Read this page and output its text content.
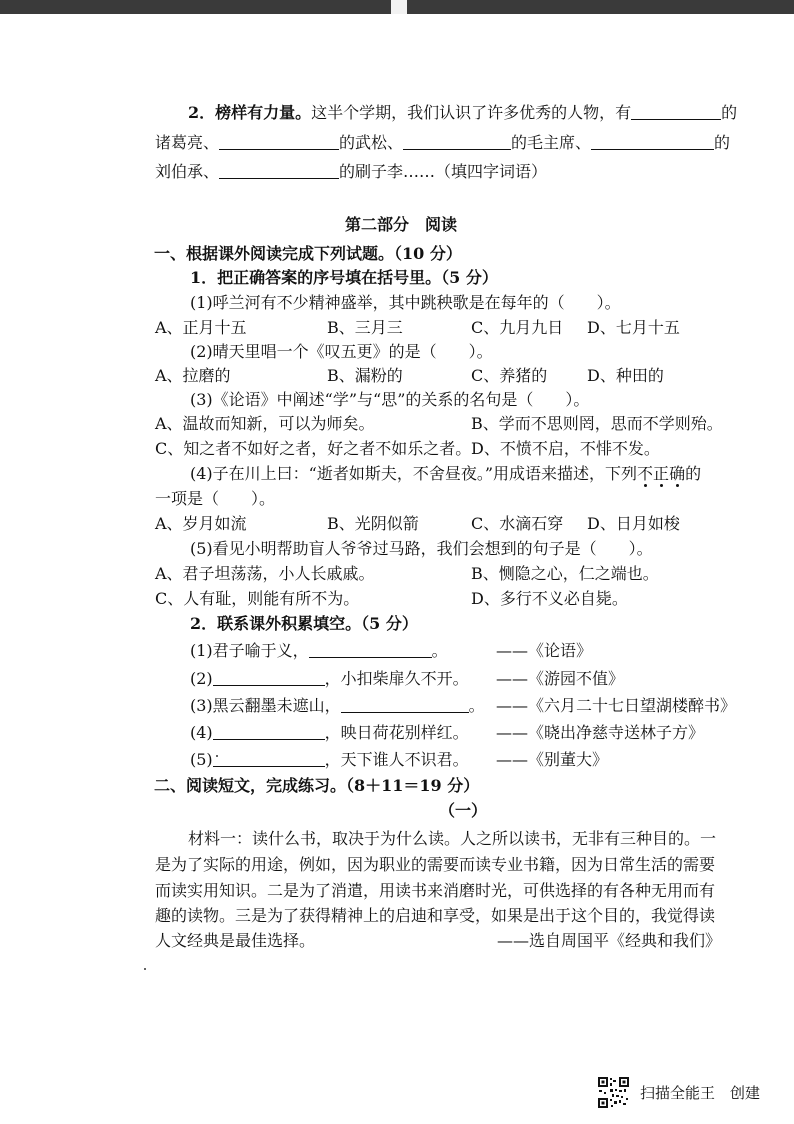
2．榜样有力量。这半个学期，我们认识了许多优秀的人物，有	的
诸葛亮、	的武松、	的毛主席、	的
刘伯承、	的刷子李……（填四字词语）
第二部分　阅读
一、根据课外阅读完成下列试题。（10 分）
1．把正确答案的序号填在括号里。（5 分）
(1)呼兰河有不少精神盛举，其中跳秧歌是在每年的（　　）。
A、正月十五	B、三月三	C、九月九日 D、七月十五
(2)晴天里唱一个《叹五更》的是（　　）。
A、拉磨的	B、漏粉的	C、养猪的 D、种田的
(3)《论语》中阐述“学”与“思”的关系的名句是（　　）。
A、温故而知新，可以为师矣。	B、学而不思则罔，思而不学则殆。
C、知之者不如好之者，好之者不如乐之者。 D、不愤不启，不悱不发。
(4)子在川上曰：“逝者如斯夫，不舍昼夜。”用成语来描述，下列不正确的
一项是（　　）。
A、岁月如流	B、光阴似箭	C、水滴石穿 D、日月如梭
(5)看见小明帮助盲人爷爷过马路，我们会想到的句子是（　　）。
A、君子坦荡荡，小人长戚戚。	B、恻隐之心，仁之端也。
C、人有耻，则能有所不为。	D、多行不义必自毙。
2．联系课外积累填空。（5 分）
(1)君子喻于义，	。	——《论语》
(2)	，小扣柴扉久不开。 ——《游园不值》
(3)黑云翻墨未遮山，	。 ——《六月二十七日望湖楼醉书》
(4)	，映日荷花别样红。 ——《晓出净慈寺送林子方》
(5)	，天下谁人不识君。 ——《别董大》
二、阅读短文，完成练习。（8＋11＝19 分）
（一）
材料一：读什么书，取决于为什么读。人之所以读书，无非有三种目的。一
是为了实际的用途，例如，因为职业的需要而读专业书籍，因为日常生活的需要
而读实用知识。二是为了消遣，用读书来消磨时光，可供选择的有各种无用而有
趣的读物。三是为了获得精神上的启迪和享受，如果是出于这个目的，我觉得读
人文经典是最佳选择。	——选自周国平《经典和我们》
扫描全能王　创建
